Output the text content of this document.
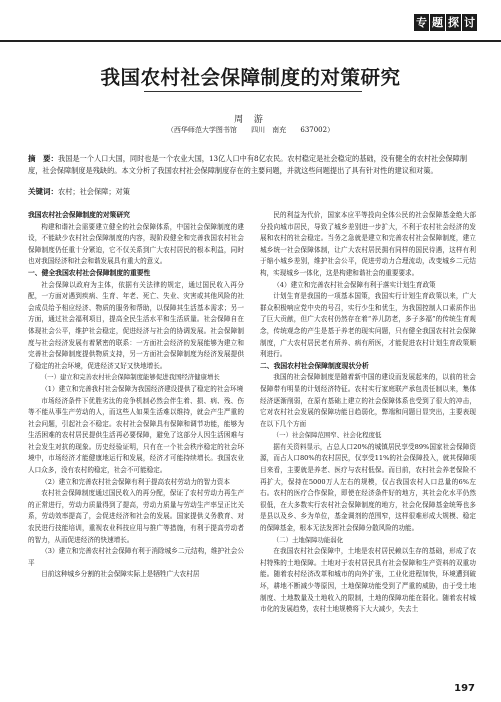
专 题 探 讨
我国农村社会保障制度的对策研究
周 游
（西华师范大学图书馆 四川　南充 637002）
摘　要：我国是一个人口大国，同时也是一个农业大国，13亿人口中有8亿农民。农村稳定是社会稳定的基础，没有健全的农村社会保障制度，社会保障制度是残缺的。本文分析了我国农村社会保障制度存在的主要问题，并就这些问题提出了具有针对性的建议和对策。
关键词：农村；社会保障；对策

我国农村社会保障制度的对策研究

构建和谐社会需要建立健全的社会保障体系，中国社会保障制度的建设，不能缺少农村社会保障制度的内容，现阶段健全和完善我国农村社会保障制度仍任重十分紧迫，它不仅关系到广大农村居民的根本利益，同时也对我国经济和社会和谐发展具有重大的意义。

一、健全我国农村社会保障制度的重要性

社会保障以政府为主体，依据有关法律的规定，通过国民收入再分配，一方面对遇到疾病、生育、年老、死亡、失业、灾害或其他风险的社会成员给予相应经济、物质的服务和帮助，以保障其生活基本需求；另一方面，通过社会福利项目，提高全民生活水平和生活质量。社会保障自在体现社会公平，维护社会稳定，促进经济与社会的协调发展。社会保障制度与社会经济发展有着紧密的联系：一方面社会经济的发展能够为建立和完善社会保障制度提供物质支持，另一方面社会保障制度为经济发展提供了稳定的社会环境，促进经济又好又快地增长。

（一）建立和完善农村社会保障制度能够促进我国经济健康增长

（1）建立和完善我村社会保障为我国经济建设提供了稳定的社会环境

市场经济条件下优胜劣汰的竞争机制必然会伴生着、损、病、残、伤等不能从事生产劳动的人，而这些人如果生活难以维持，就会产生严重的社会问题，引起社会不稳定。农村社会保障具有保障和调节功能，能够为生活困难的农村居民提供生活再必要保障，避免了这部分人因生活困难与社会发生对抗的现象。历史经验证明，只有在一个社会秩序稳定的社会环境中，市场经济才能健康地运行和发展，经济才可能持续增长。我国农业人口众多，没有农村的稳定，社会不可能稳定。

（2）建立和完善农村社会保障有利于提高农村劳动力的智力资本

农村社会保障制度通过国民收入的再分配，保证了农村劳动力再生产的正常进行，劳动力质量得到了提高，劳动力质量与劳动生产率呈正比关系，劳动效率提高了，会促进经济和社会的发展。国家提供义务教育、对农民进行技能培训，重视农业科技应用与推广等措施，有利于提高劳动者的智力，从而促进经济的快速增长。

（3）建立和完善农村社会保障有利于消除城乡二元结构，维护社会公平

目前这种城乡分割的社会保障实际上是牺牲广大农村居

民的利益为代价，国家本应平等投向全体公民的社会保障基金绝大部分投向城市居民，导致了城乡差别进一步扩大，不利于农村社会经济的发展和农村的社会稳定。当务之急就是建立和完善农村社会保障制度，建立城乡统一社会保障体制，让广大农村居民拥有同样的国民待遇，这样有利于缩小城乡差别，维护社会公平，促进劳动力合理流动，改变城乡二元结构，实现城乡一体化，这是构建和谐社会的重要要求。

（4）建立和完善农村社会保障有利于落实计划生育政策

计划生育是我国的一项基本国策，我国实行计划生育政策以来，广大群众积极响应党中央的号召，实行少生和优生，为我国控制人口素质作出了巨大贡献，但广大农村仍然存在着“养儿防老，多子多福”的传统生育观念，传统观念的产生是基于养老的现实问题，只有健全我国农村社会保障制度，广大农村居民老有所养、病有所医，才能促进农村计划生育政策顺利进行。

二、我国农村社会保障制度现状分析

我国的社会保障制度是随着新中国的建设而发展起来的，以前的社会保障带有明显的计划经济特征。农村实行家庭联产承包责任制以来，集体经济逐渐削弱，在原有基础上建立的社会保障体系也受到了很大的冲击，它对农村社会发展的保障功能日趋弱化，弊端和问题日显突出，主要表现在以下几个方面

（一）社会保障范围窄、社会化程度低

据有关资料显示，占总人口20%的城镇居民享受89%国家社会保障资源，而占人口80%的农村居民，仅享受11%的社会保障投入，就其保障项目来看，主要就是养老、医疗与农村低保。而目前，农村社会养老保险不再扩大，保持在5000万人左右的规模，仅占我国农村人口总量的6%左右。农村的医疗合作保险，即使在经济条件好的地方，其社会化水平仍然很低，在大多数实行农村社会保障制度的地方，社会化保障基金统筹也多是县以及乡、乡为单位，基金调剂的范围窄，这样很难形成大规模、稳定的保障基金，根本无法发挥社会保障分散风险的功能。

（二）土地保障功能弱化

在我国农村社会保障中，土地是农村居民赖以生存的基础，形成了农村特殊的土地保障。土地对于农村居民具有社会保障和生产资料的双重功能。随着农村经济改革和城市的向外扩张，工业化进程加快，环境遭到破坏，耕地不断减少等原因，土地保障功能受到了严重的威胁，由于受土地制度、土地数量及土地收入的限制，土地的保障功能在弱化。随着农村城市化的发展趋势，农村土地规模将下大大减少，失去土

197
